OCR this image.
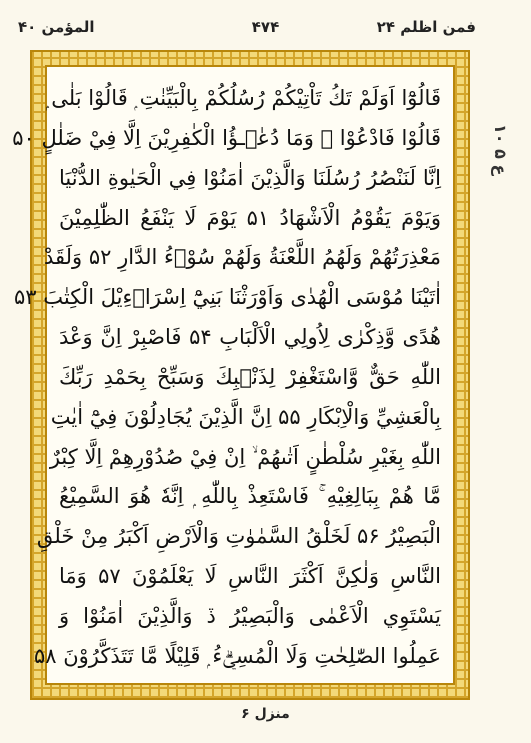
المؤمن ۴۰	۴۷۴	فمن اظلم ۲۴
قَالُوْٓا اَوَلَمْ تَكُ تَاْتِيْكُمْ رُسُلُكُمْ بِالْبَيِّنٰتِ ۭ قَالُوْا بَلٰى ۭ
قَالُوْا فَادْعُوْا ۚ وَمَا دُعٰۗـؤُا الْكٰفِرِيْنَ اِلَّا فِيْ ضَلٰلٍ ۵۰
اِنَّا لَنَنْصُرُ رُسُلَنَا وَالَّذِيْنَ اٰمَنُوْا فِي الْحَيٰوةِ الدُّنْيَا
وَيَوْمَ يَقُوْمُ الْاَشْهَادُ ۵۱ يَوْمَ لَا يَنْفَعُ الظّٰلِمِيْنَ
مَعْذِرَتُهُمْ وَلَهُمُ اللَّعْنَةُ وَلَهُمْ سُوْۗءُ الدَّارِ ۵۲ وَلَقَدْ
اٰتَيْنَا مُوْسَى الْهُدٰى وَاَوْرَثْنَا بَنِيْٓ اِسْرَاۗءِيْلَ الْكِتٰبَ ۵۳
هُدًى وَّذِكْرٰى لِاُولِي الْاَلْبَابِ ۵۴ فَاصْبِرْ اِنَّ وَعْدَ
اللّٰهِ حَقٌّ وَّاسْتَغْفِرْ لِذَنْۢبِكَ وَسَبِّحْ بِحَمْدِ رَبِّكَ
بِالْعَشِيِّ وَالْاِبْكَارِ ۵۵ اِنَّ الَّذِيْنَ يُجَادِلُوْنَ فِيْٓ اٰيٰتِ
اللّٰهِ بِغَيْرِ سُلْطٰنٍ اَتٰىهُمْ ۙ اِنْ فِيْ صُدُوْرِهِمْ اِلَّا كِبْرٌ
مَّا هُمْ بِبَالِغِيْهِ ۚ فَاسْتَعِذْ بِاللّٰهِ ۭ اِنَّهٗ هُوَ السَّمِيْعُ
الْبَصِيْرُ ۵۶ لَخَلْقُ السَّمٰوٰتِ وَالْاَرْضِ اَكْبَرُ مِنْ خَلْقِ
النَّاسِ وَلٰكِنَّ اَكْثَرَ النَّاسِ لَا يَعْلَمُوْنَ ۵۷ وَمَا
يَسْتَوِي الْاَعْمٰى وَالْبَصِيْرُ ڏ وَالَّذِيْنَ اٰمَنُوْا وَ
عَمِلُوا الصّٰلِحٰتِ وَلَا الْمُسِيْۗءُ ۭ قَلِيْلًا مَّا تَتَذَكَّرُوْنَ ۵۸
ع ۵ ۱۰
منزل ۶
